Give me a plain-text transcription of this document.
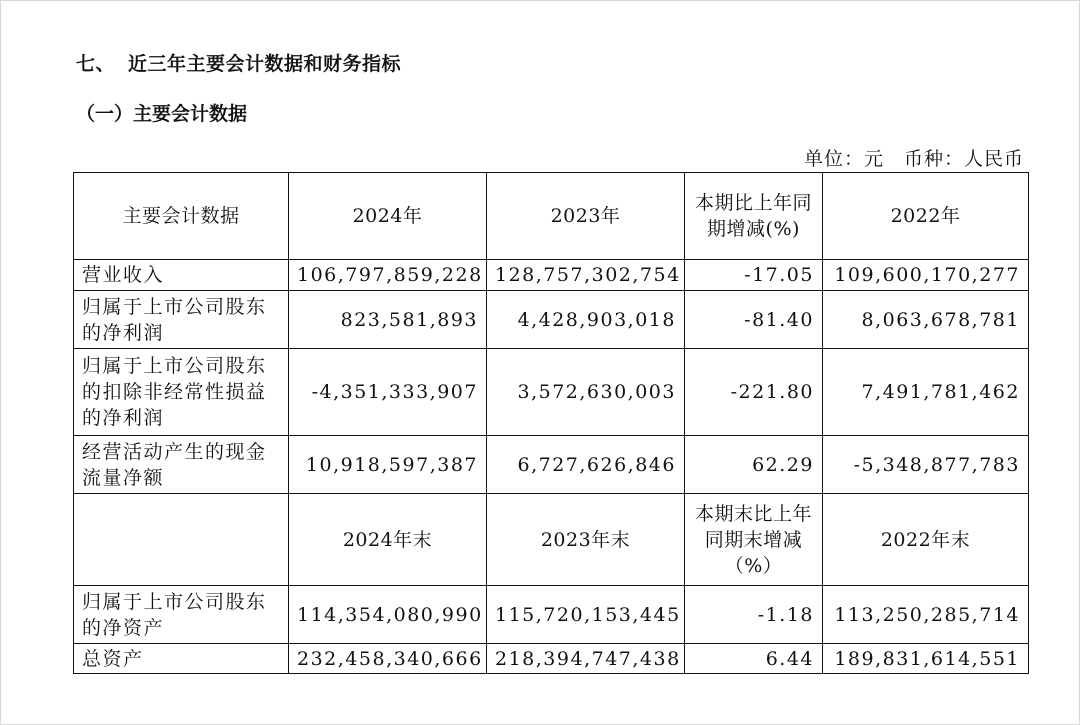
七、 近三年主要会计数据和财务指标
（一）主要会计数据
单位：元　币种：人民币
主要会计数据	2024年	2023年	本期比上年同期增减(%)	2022年
营业收入	106,797,859,228	128,757,302,754	-17.05	109,600,170,277
归属于上市公司股东的净利润	823,581,893	4,428,903,018	-81.40	8,063,678,781
归属于上市公司股东的扣除非经常性损益的净利润	-4,351,333,907	3,572,630,003	-221.80	7,491,781,462
经营活动产生的现金流量净额	10,918,597,387	6,727,626,846	62.29	-5,348,877,783
	2024年末	2023年末	本期末比上年同期末增减（%）	2022年末
归属于上市公司股东的净资产	114,354,080,990	115,720,153,445	-1.18	113,250,285,714
总资产	232,458,340,666	218,394,747,438	6.44	189,831,614,551
